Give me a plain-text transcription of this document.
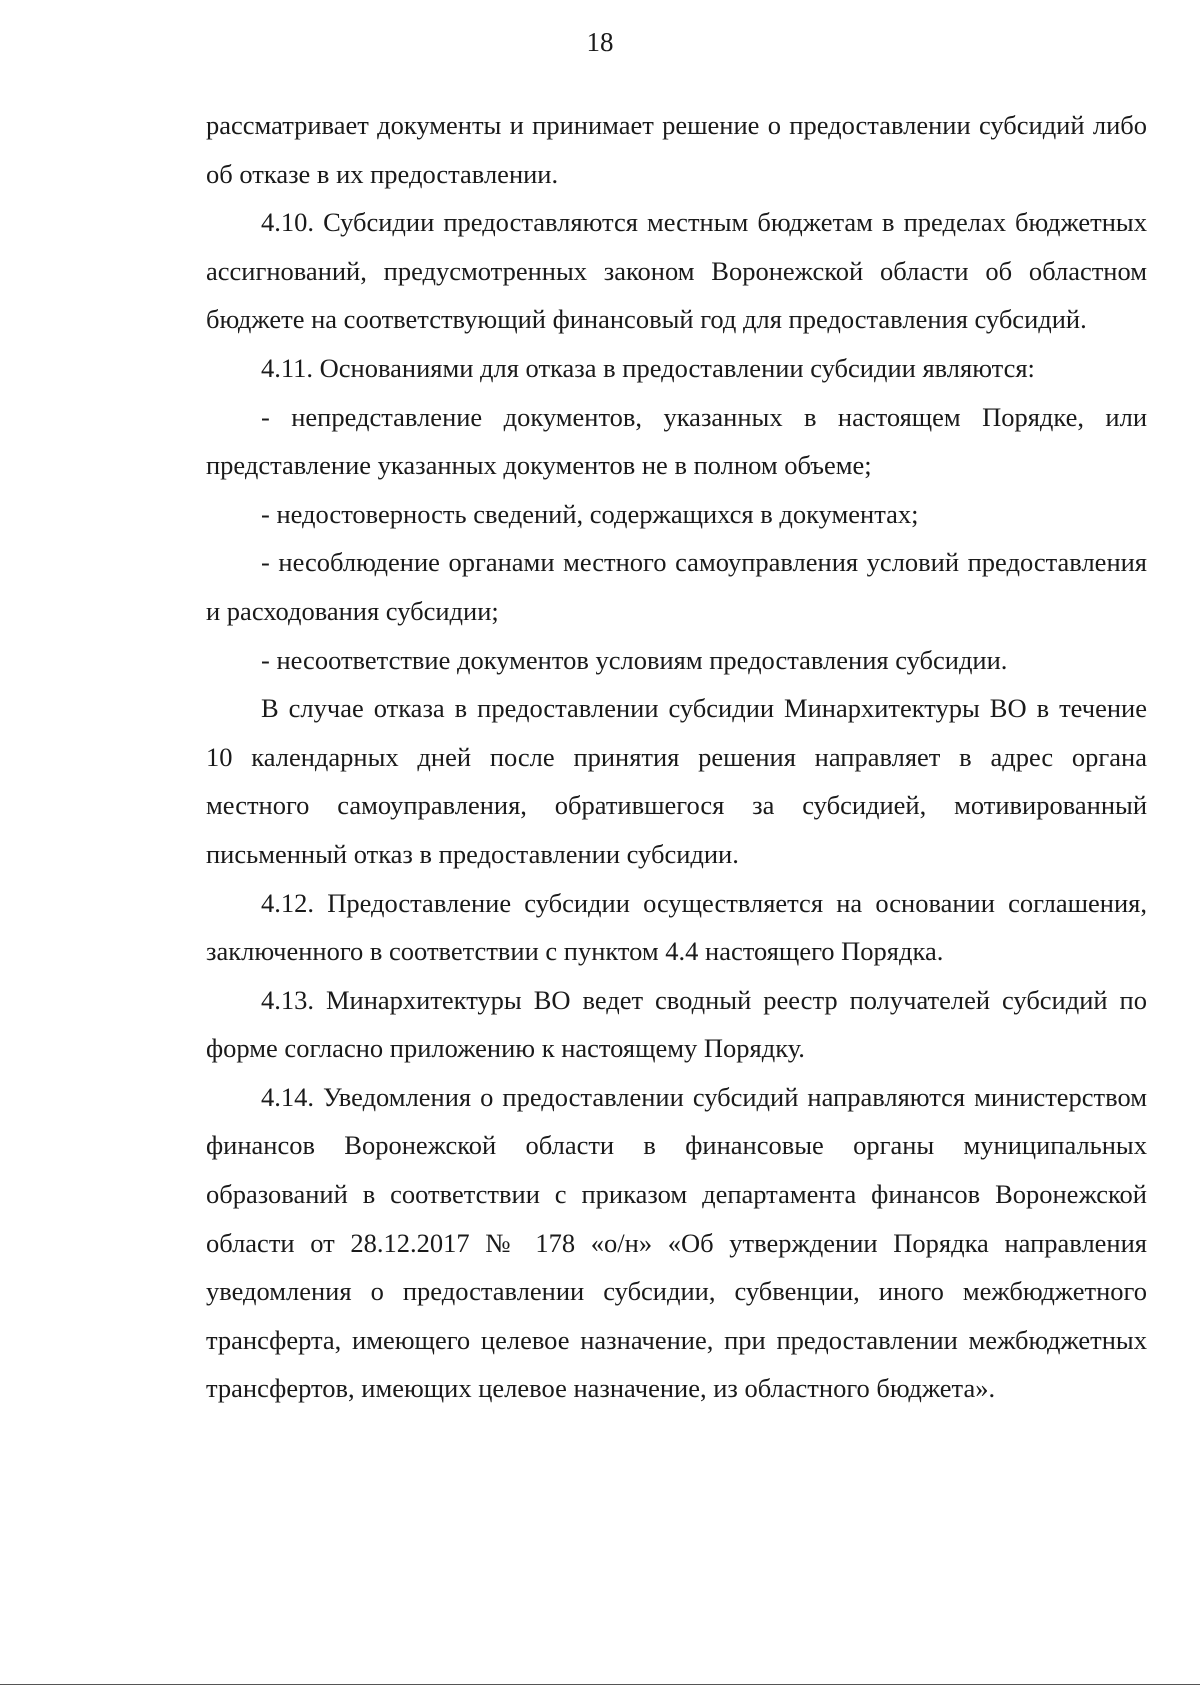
18

рассматривает документы и принимает решение о предоставлении субсидий либо об отказе в их предоставлении.

4.10. Субсидии предоставляются местным бюджетам в пределах бюджетных ассигнований, предусмотренных законом Воронежской области об областном бюджете на соответствующий финансовый год для предоставления субсидий.

4.11. Основаниями для отказа в предоставлении субсидии являются:

- непредставление документов, указанных в настоящем Порядке, или представление указанных документов не в полном объеме;

- недостоверность сведений, содержащихся в документах;

- несоблюдение органами местного самоуправления условий предоставления и расходования субсидии;

- несоответствие документов условиям предоставления субсидии.

В случае отказа в предоставлении субсидии Минархитектуры ВО в течение 10 календарных дней после принятия решения направляет в адрес органа местного самоуправления, обратившегося за субсидией, мотивированный письменный отказ в предоставлении субсидии.

4.12. Предоставление субсидии осуществляется на основании соглашения, заключенного в соответствии с пунктом 4.4 настоящего Порядка.

4.13. Минархитектуры ВО ведет сводный реестр получателей субсидий по форме согласно приложению к настоящему Порядку.

4.14. Уведомления о предоставлении субсидий направляются министерством финансов Воронежской области в финансовые органы муниципальных образований в соответствии с приказом департамента финансов Воронежской области от 28.12.2017 № 178 «о/н» «Об утверждении Порядка направления уведомления о предоставлении субсидии, субвенции, иного межбюджетного трансферта, имеющего целевое назначение, при предоставлении межбюджетных трансфертов, имеющих целевое назначение, из областного бюджета».
